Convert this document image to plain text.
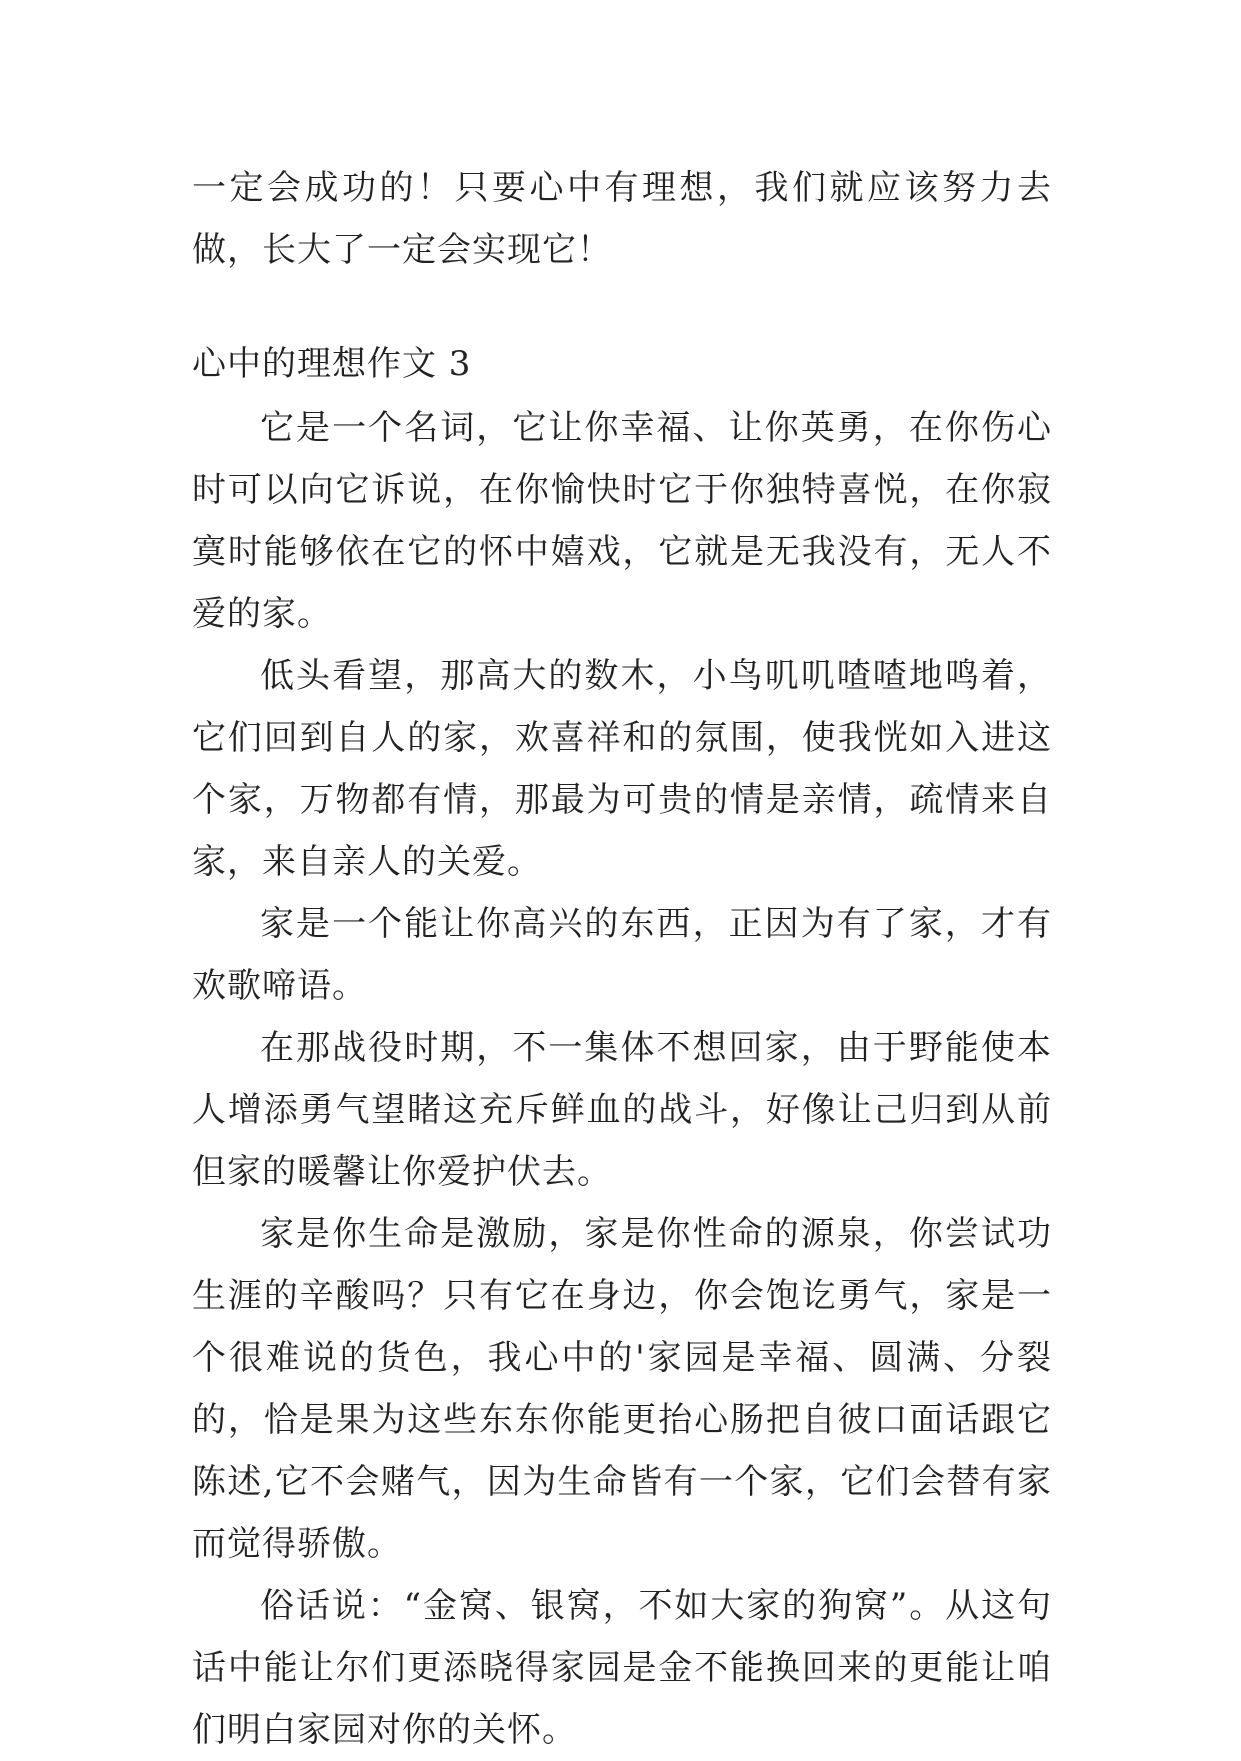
一定会成功的！只要心中有理想，我们就应该努力去做，长大了一定会实现它！

心中的理想作文 3

它是一个名词，它让你幸福、让你英勇，在你伤心时可以向它诉说，在你愉快时它于你独特喜悦，在你寂寞时能够依在它的怀中嬉戏，它就是无我没有，无人不爱的家。

低头看望，那高大的数木，小鸟叽叽喳喳地鸣着，它们回到自人的家，欢喜祥和的氛围，使我恍如入进这个家，万物都有情，那最为可贵的情是亲情，疏情来自家，来自亲人的关爱。

家是一个能让你高兴的东西，正因为有了家，才有欢歌啼语。

在那战役时期，不一集体不想回家，由于野能使本人增添勇气望睹这充斥鲜血的战斗，好像让己归到从前但家的暖馨让你爱护伏去。

家是你生命是激励，家是你性命的源泉，你尝试功生涯的辛酸吗？只有它在身边，你会饱讫勇气，家是一个很难说的货色，我心中的'家园是幸福、圆满、分裂的，恰是果为这些东东你能更抬心肠把自彼口面话跟它陈述,它不会赌气，因为生命皆有一个家，它们会替有家而觉得骄傲。

俗话说：“金窝、银窝，不如大家的狗窝”。从这句话中能让尔们更添晓得家园是金不能换回来的更能让咱们明白家园对你的关怀。
